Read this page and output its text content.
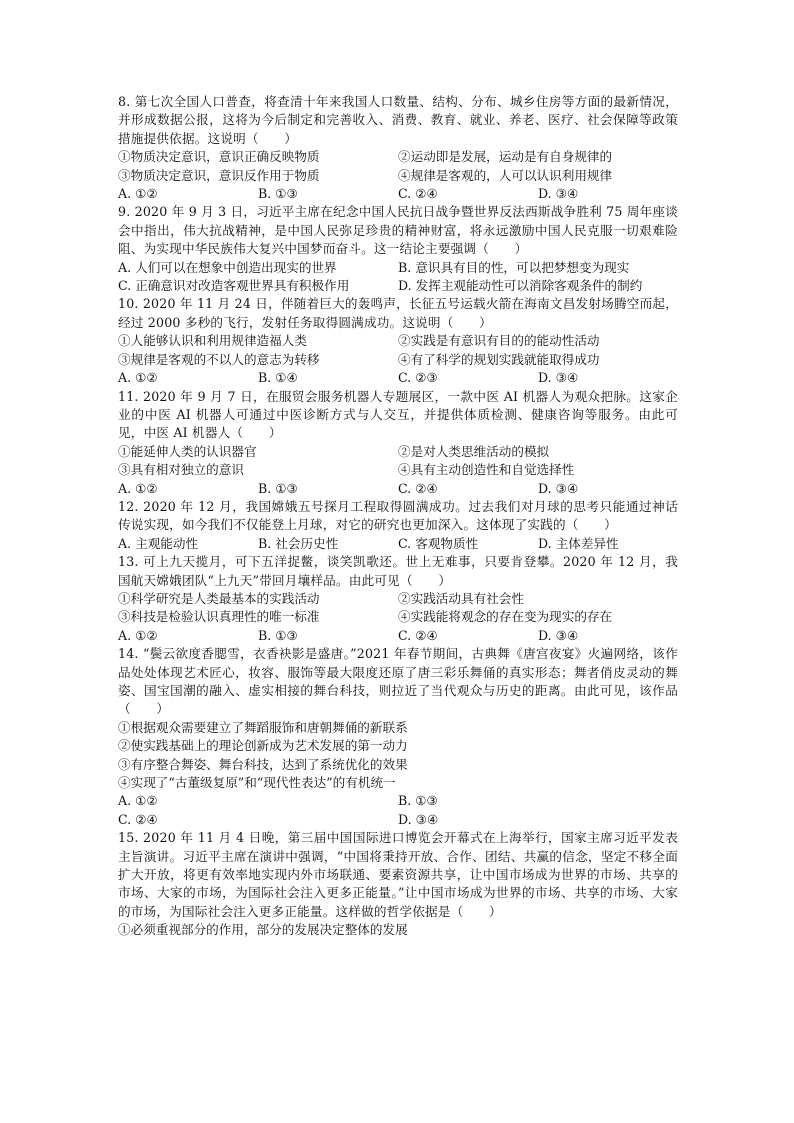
8. 第七次全国人口普查，将查清十年来我国人口数量、结构、分布、城乡住房等方面的最新情况，并形成数据公报，这将为今后制定和完善收入、消费、教育、就业、养老、医疗、社会保障等政策措施提供依据。这说明（　　）
①物质决定意识，意识正确反映物质	②运动即是发展，运动是有自身规律的
③物质决定意识，意识反作用于物质	④规律是客观的，人可以认识利用规律
A. ①②	B. ①③	C. ②④	D. ③④
9. 2020 年 9 月 3 日，习近平主席在纪念中国人民抗日战争暨世界反法西斯战争胜利 75 周年座谈会中指出，伟大抗战精神，是中国人民弥足珍贵的精神财富，将永远激励中国人民克服一切艰难险阻、为实现中华民族伟大复兴中国梦而奋斗。这一结论主要强调（　　）
A. 人们可以在想象中创造出现实的世界	B. 意识具有目的性，可以把梦想变为现实
C. 正确意识对改造客观世界具有积极作用	D. 发挥主观能动性可以消除客观条件的制约
10. 2020 年 11 月 24 日，伴随着巨大的轰鸣声，长征五号运载火箭在海南文昌发射场腾空而起，经过 2000 多秒的飞行，发射任务取得圆满成功。这说明（　　）
①人能够认识和利用规律造福人类	②实践是有意识有目的的能动性活动
③规律是客观的不以人的意志为转移	④有了科学的规划实践就能取得成功
A. ①②	B. ①④	C. ②③	D. ③④
11. 2020 年 9 月 7 日，在服贸会服务机器人专题展区，一款中医 AI 机器人为观众把脉。这家企业的中医 AI 机器人可通过中医诊断方式与人交互，并提供体质检测、健康咨询等服务。由此可见，中医 AI 机器人（　　）
①能延伸人类的认识器官	②是对人类思维活动的模拟
③具有相对独立的意识	④具有主动创造性和自觉选择性
A. ①②	B. ①③	C. ②④	D. ③④
12. 2020 年 12 月，我国嫦娥五号探月工程取得圆满成功。过去我们对月球的思考只能通过神话传说实现，如今我们不仅能登上月球，对它的研究也更加深入。这体现了实践的（　　）
A. 主观能动性	B. 社会历史性	C. 客观物质性	D. 主体差异性
13. 可上九天揽月，可下五洋捉鳖，谈笑凯歌还。世上无难事，只要肯登攀。2020 年 12 月，我国航天嫦娥团队“上九天”带回月壤样品。由此可见（　　）
①科学研究是人类最基本的实践活动	②实践活动具有社会性
③科技是检验认识真理性的唯一标准	④实践能将观念的存在变为现实的存在
A. ①②	B. ①③	C. ②④	D. ③④
14. “鬓云欲度香腮雪，衣香袂影是盛唐。”2021 年春节期间，古典舞《唐宫夜宴》火遍网络，该作品处处体现艺术匠心，妆容、服饰等最大限度还原了唐三彩乐舞俑的真实形态；舞者俏皮灵动的舞姿、国宝国潮的融入、虚实相接的舞台科技，则拉近了当代观众与历史的距离。由此可见，该作品（　　）
①根据观众需要建立了舞蹈服饰和唐朝舞俑的新联系
②使实践基础上的理论创新成为艺术发展的第一动力
③有序整合舞姿、舞台科技，达到了系统优化的效果
④实现了“古董级复原”和“现代性表达”的有机统一
A. ①②	B. ①③
C. ②④	D. ③④
15. 2020 年 11 月 4 日晚，第三届中国国际进口博览会开幕式在上海举行，国家主席习近平发表主旨演讲。习近平主席在演讲中强调，“中国将秉持开放、合作、团结、共赢的信念，坚定不移全面扩大开放，将更有效率地实现内外市场联通、要素资源共享，让中国市场成为世界的市场、共享的市场、大家的市场，为国际社会注入更多正能量。”让中国市场成为世界的市场、共享的市场、大家的市场，为国际社会注入更多正能量。这样做的哲学依据是（　　）
①必须重视部分的作用，部分的发展决定整体的发展
